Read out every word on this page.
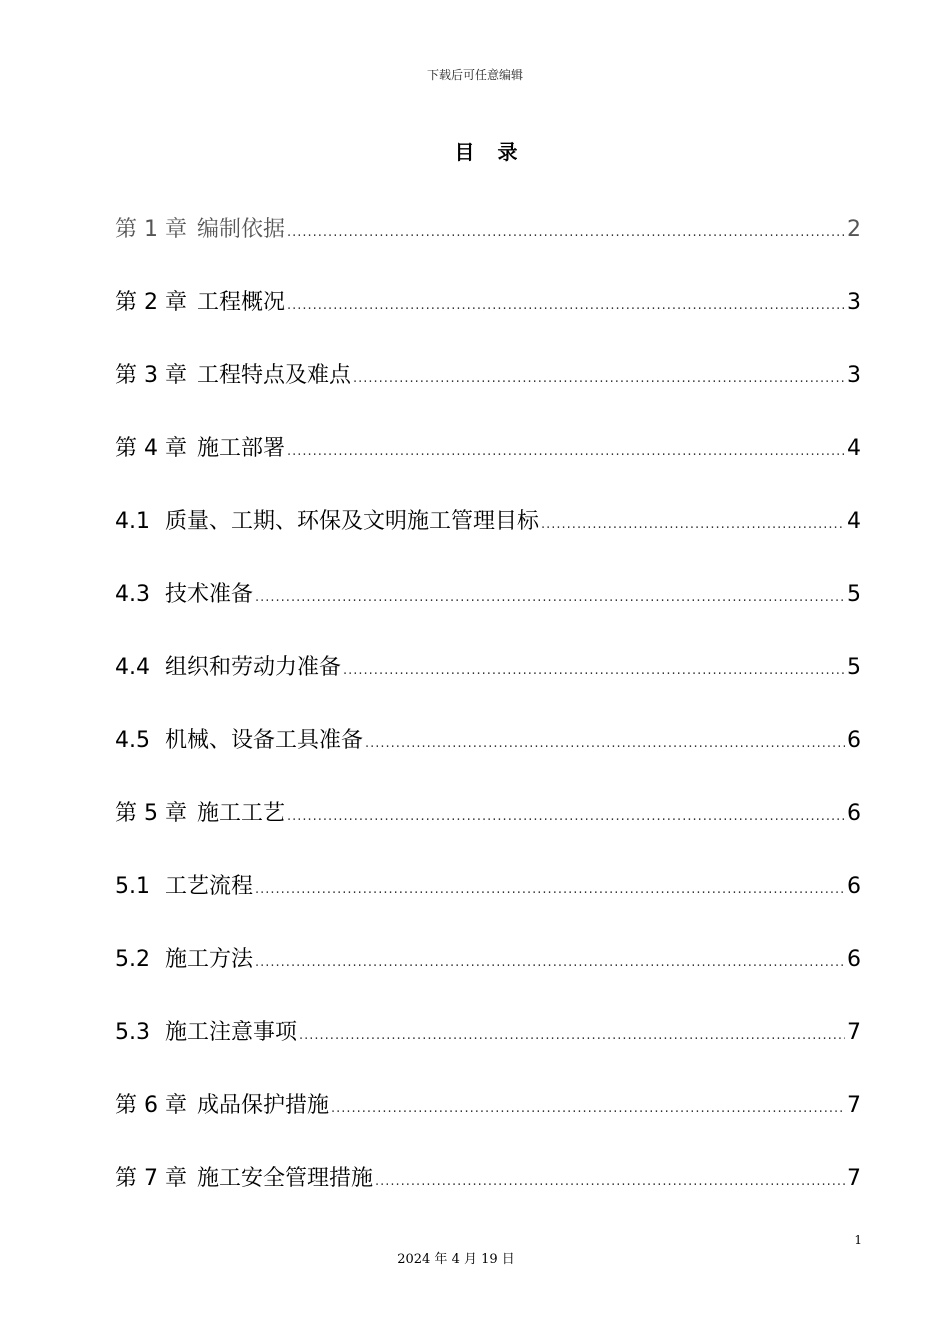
下载后可任意编辑
目 录
第 1 章 编制依据 .....	2
第 2 章 工程概况 .....	3
第 3 章 工程特点及难点 .....	3
第 4 章 施工部署 .....	4
4.1 质量、工期、环保及文明施工管理目标 .....	4
4.3 技术准备 .....	5
4.4 组织和劳动力准备 .....	5
4.5 机械、设备工具准备 .....	6
第 5 章 施工工艺 .....	6
5.1 工艺流程 .....	6
5.2 施工方法 .....	6
5.3 施工注意事项 .....	7
第 6 章 成品保护措施 .....	7
第 7 章 施工安全管理措施 .....	7
1
2024 年 4 月 19 日
